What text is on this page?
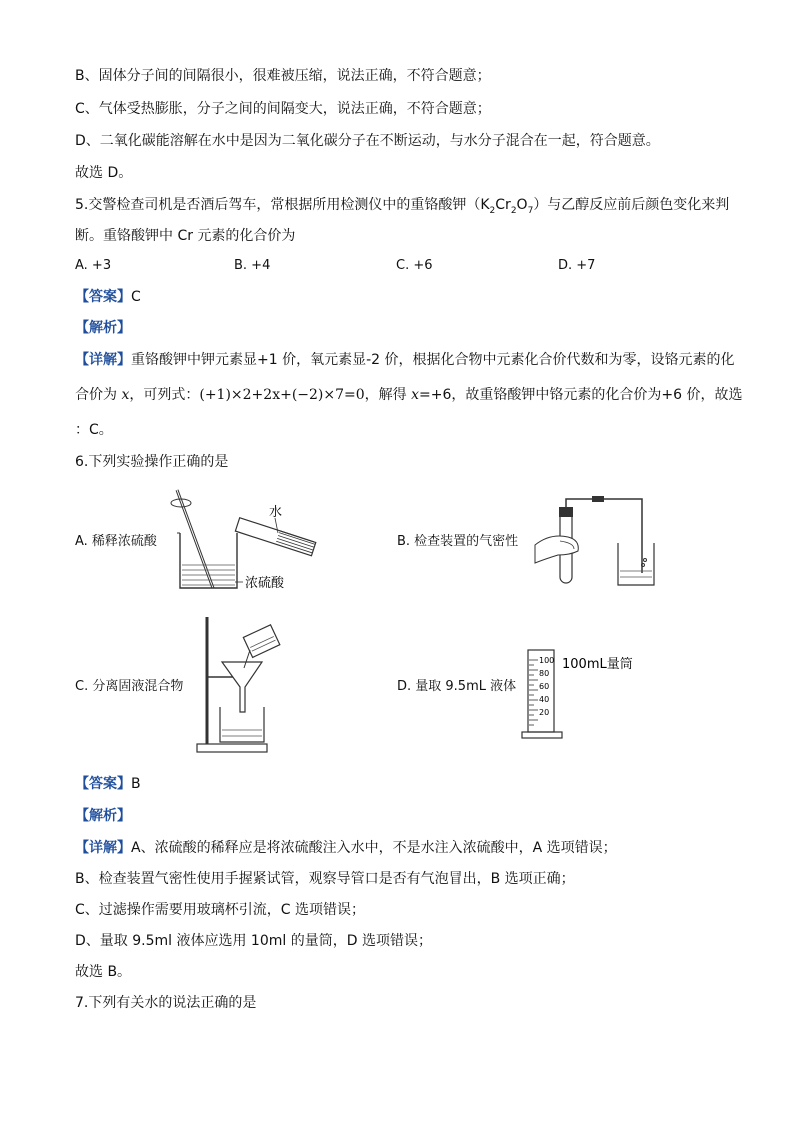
B、固体分子间的间隔很小，很难被压缩，说法正确，不符合题意；
C、气体受热膨胀，分子之间的间隔变大，说法正确，不符合题意；
D、二氧化碳能溶解在水中是因为二氧化碳分子在不断运动，与水分子混合在一起，符合题意。
故选 D。
5.交警检查司机是否酒后驾车，常根据所用检测仪中的重铬酸钾$(K_2Cr_2O_7)$与乙醇反应前后颜色变化来判
断。重铬酸钾中 Cr 元素的化合价为
A. +3	B. +4	C. +6	D. +7
【答案】C
【解析】
【详解】重铬酸钾中钾元素显+1 价，氧元素显-2 价，根据化合物中元素化合价代数和为零，设铬元素的化
合价为 x，可列式：(+1)×2+2x+(−2)×7=0，解得 x=+6，故重铬酸钾中铬元素的化合价为+6 价，故选
：C。
6.下列实验操作正确的是
水
浓硫酸
A. 稀释浓硫酸	B. 检查装置的气密性
C. 分离固液混合物
100
80
60
40
20
100mL量筒
D. 量取 9.5mL 液体
【答案】B
【解析】
【详解】A、浓硫酸的稀释应是将浓硫酸注入水中，不是水注入浓硫酸中，A 选项错误；
B、检查装置气密性使用手握紧试管，观察导管口是否有气泡冒出，B 选项正确；
C、过滤操作需要用玻璃杯引流，C 选项错误；
D、量取 9.5ml 液体应选用 10ml 的量筒，D 选项错误；
故选 B。
7.下列有关水的说法正确的是
